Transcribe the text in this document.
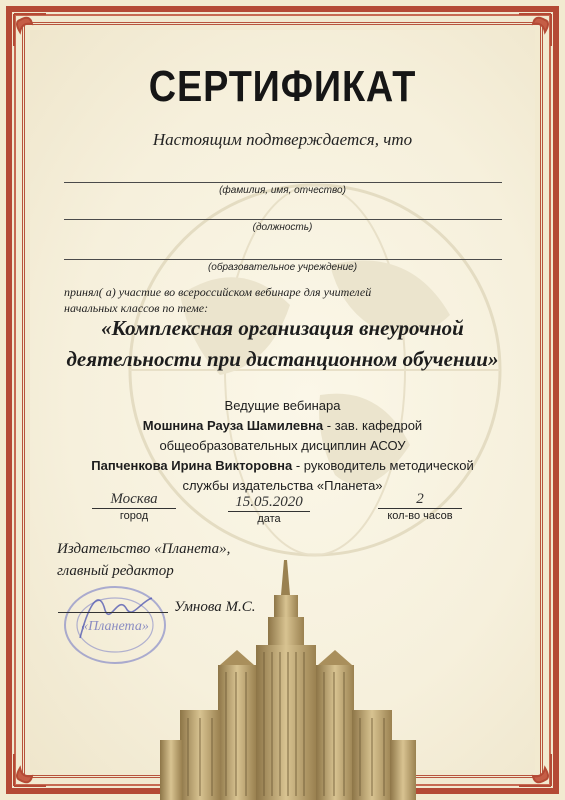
СЕРТИФИКАТ
Настоящим подтверждается, что
(фамилия, имя, отчество)
(должность)
(образовательное учреждение)
принял( а) участие во всероссийском вебинаре для учителей
начальных классов по теме:
«Комплексная организация внеурочной
деятельности при дистанционном обучении»
Ведущие вебинара
Мошнина Рауза Шамилевна - зав. кафедрой
общеобразовательных дисциплин АСОУ
Папченкова Ирина Викторовна - руководитель методической
службы издательства «Планета»
Москва
город
15.05.2020
дата
2
кол-во часов
Издательство «Планета»,
главный редактор
«Планета»
Умнова М.С.
